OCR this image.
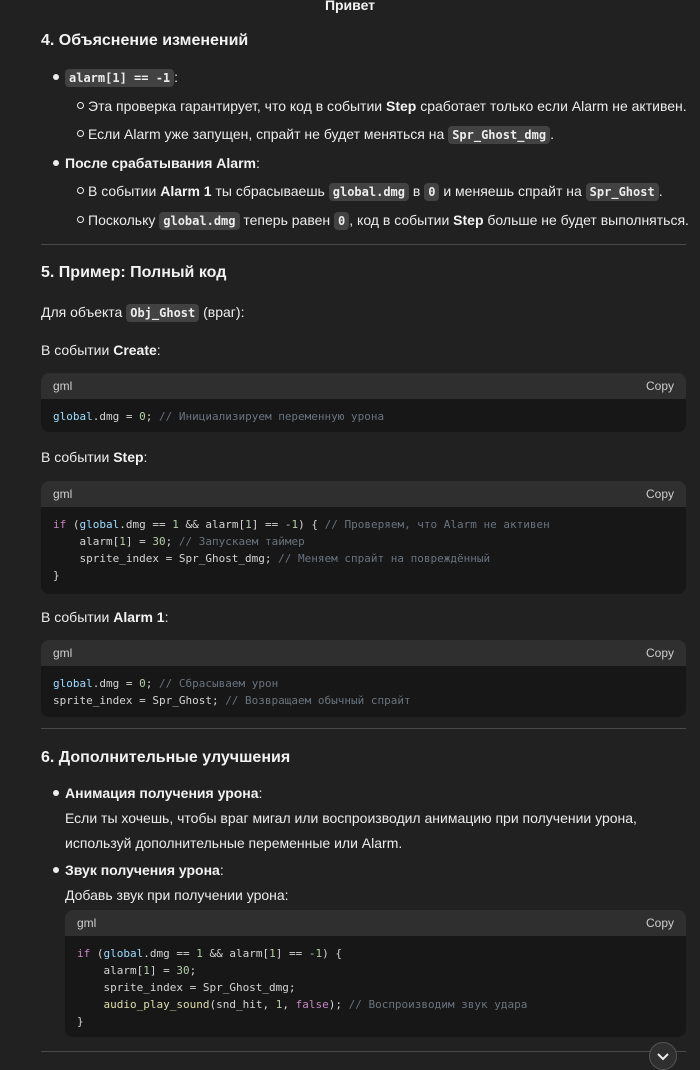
Привет
4. Объяснение изменений
alarm[1] == -1 :
Эта проверка гарантирует, что код в событии Step сработает только если Alarm не активен.
Если Alarm уже запущен, спрайт не будет меняться на Spr_Ghost_dmg .
После срабатывания Alarm:
В событии Alarm 1 ты сбрасываешь global.dmg в 0 и меняешь спрайт на Spr_Ghost .
Поскольку global.dmg теперь равен 0 , код в событии Step больше не будет выполняться.
5. Пример: Полный код
Для объекта Obj_Ghost (враг):
В событии Create:
gml	Copy
global.dmg = 0; // Инициализируем переменную урона
В событии Step:
gml	Copy
if (global.dmg == 1 && alarm[1] == -1) { // Проверяем, что Alarm не активен
alarm[1] = 30; // Запускаем таймер
sprite_index = Spr_Ghost_dmg; // Меняем спрайт на повреждённый
}
В событии Alarm 1:
gml	Copy
global.dmg = 0; // Сбрасываем урон
sprite_index = Spr_Ghost; // Возвращаем обычный спрайт
6. Дополнительные улучшения
Анимация получения урона:
Если ты хочешь, чтобы враг мигал или воспроизводил анимацию при получении урона,
используй дополнительные переменные или Alarm.
Звук получения урона:
Добавь звук при получении урона:
gml	Copy
if (global.dmg == 1 && alarm[1] == -1) {
alarm[1] = 30;
sprite_index = Spr_Ghost_dmg;
audio_play_sound(snd_hit, 1, false); // Воспроизводим звук удара
}
